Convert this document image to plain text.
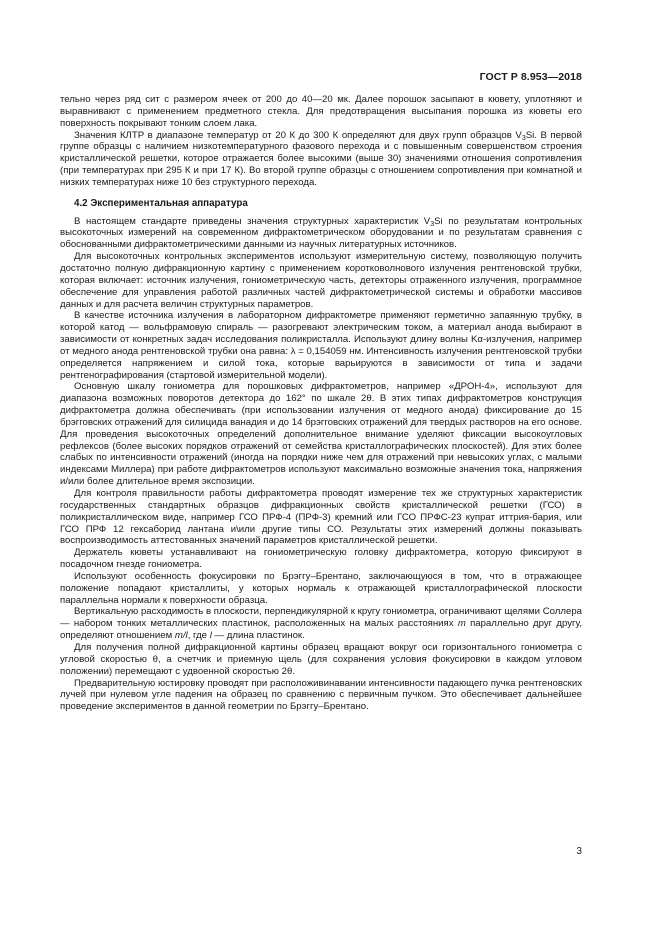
ГОСТ Р 8.953—2018

тельно через ряд сит с размером ячеек от 200 до 40—20 мк. Далее порошок засыпают в кювету, уплотняют и выравнивают с применением предметного стекла. Для предотвращения высыпания порошка из кюветы его поверхность покрывают тонким слоем лака.

Значения КЛТР в диапазоне температур от 20 К до 300 К определяют для двух групп образцов $V_3Si$. В первой группе образцы с наличием низкотемпературного фазового перехода и с повышенным совершенством строения кристаллической решетки, которое отражается более высокими (выше 30) значениями отношения сопротивления (при температурах при 295 К и при 17 К). Во второй группе образцы с отношением сопротивления при комнатной и низких температурах ниже 10 без структурного перехода.

4.2 Экспериментальная аппаратура

В настоящем стандарте приведены значения структурных характеристик $V_3Si$ по результатам контрольных высокоточных измерений на современном дифрактометрическом оборудовании и по результатам сравнения с обоснованными дифрактометрическими данными из научных литературных источников.

Для высокоточных контрольных экспериментов используют измерительную систему, позволяющую получить достаточно полную дифракционную картину с применением коротковолнового излучения рентгеновской трубки, которая включает: источник излучения, гониометрическую часть, детекторы отраженного излучения, программное обеспечение для управления работой различных частей дифрактометрической системы и обработки массивов данных и для расчета величин структурных параметров.

В качестве источника излучения в лабораторном дифрактометре применяют герметично запаянную трубку, в которой катод — вольфрамовую спираль — разогревают электрическим током, а материал анода выбирают в зависимости от конкретных задач исследования поликристалла. Используют длину волны Kα-излучения, например от медного анода рентгеновской трубки она равна: λ = 0,154059 нм. Интенсивность излучения рентгеновской трубки определяется напряжением и силой тока, которые варьируются в зависимости от типа и задачи рентгенографирования (стартовой измерительной модели).

Основную шкалу гониометра для порошковых дифрактометров, например «ДРОН-4», используют для диапазона возможных поворотов детектора до 162° по шкале 2θ. В этих типах дифрактометров конструкция дифрактометра должна обеспечивать (при использовании излучения от медного анода) фиксирование до 15 брэгговских отражений для силицида ванадия и до 14 брэгговских отражений для твердых растворов на его основе. Для проведения высокоточных определений дополнительное внимание уделяют фиксации высокоугловых рефлексов (более высоких порядков отражений от семейства кристаллографических плоскостей). Для этих более слабых по интенсивности отражений (иногда на порядки ниже чем для отражений при невысоких углах, с малыми индексами Миллера) при работе дифрактометров используют максимально возможные значения тока, напряжения и/или более длительное время экспозиции.

Для контроля правильности работы дифрактометра проводят измерение тех же структурных характеристик государственных стандартных образцов дифракционных свойств кристаллической решетки (ГСО) в поликристаллическом виде, например ГСО ПРФ-4 (ПРФ-3) кремний или ГСО ПРФС-23 купрат иттрия-бария, или ГСО ПРФ 12 гексаборид лантана и\или другие типы СО. Результаты этих измерений должны показывать воспроизводимость аттестованных значений параметров кристаллической решетки.

Держатель кюветы устанавливают на гониометрическую головку дифрактометра, которую фиксируют в посадочном гнезде гониометра.

Используют особенность фокусировки по Брэггу–Брентано, заключающуюся в том, что в отражающее положение попадают кристаллиты, у которых нормаль к отражающей кристаллографической плоскости параллельна нормали к поверхности образца.

Вертикальную расходимость в плоскости, перпендикулярной к кругу гониометра, ограничивают щелями Соллера — набором тонких металлических пластинок, расположенных на малых расстояниях m параллельно друг другу, определяют отношением m/l, где l — длина пластинок.

Для получения полной дифракционной картины образец вращают вокруг оси горизонтального гониометра с угловой скоростью θ, а счетчик и приемную щель (для сохранения условия фокусировки в каждом угловом положении) перемещают с удвоенной скоростью 2θ.

Предварительную юстировку проводят при расположивинавании интенсивности падающего пучка рентгеновских лучей при нулевом угле падения на образец по сравнению с первичным пучком. Это обеспечивает дальнейшее проведение экспериментов в данной геометрии по Брэггу–Брентано.

3
